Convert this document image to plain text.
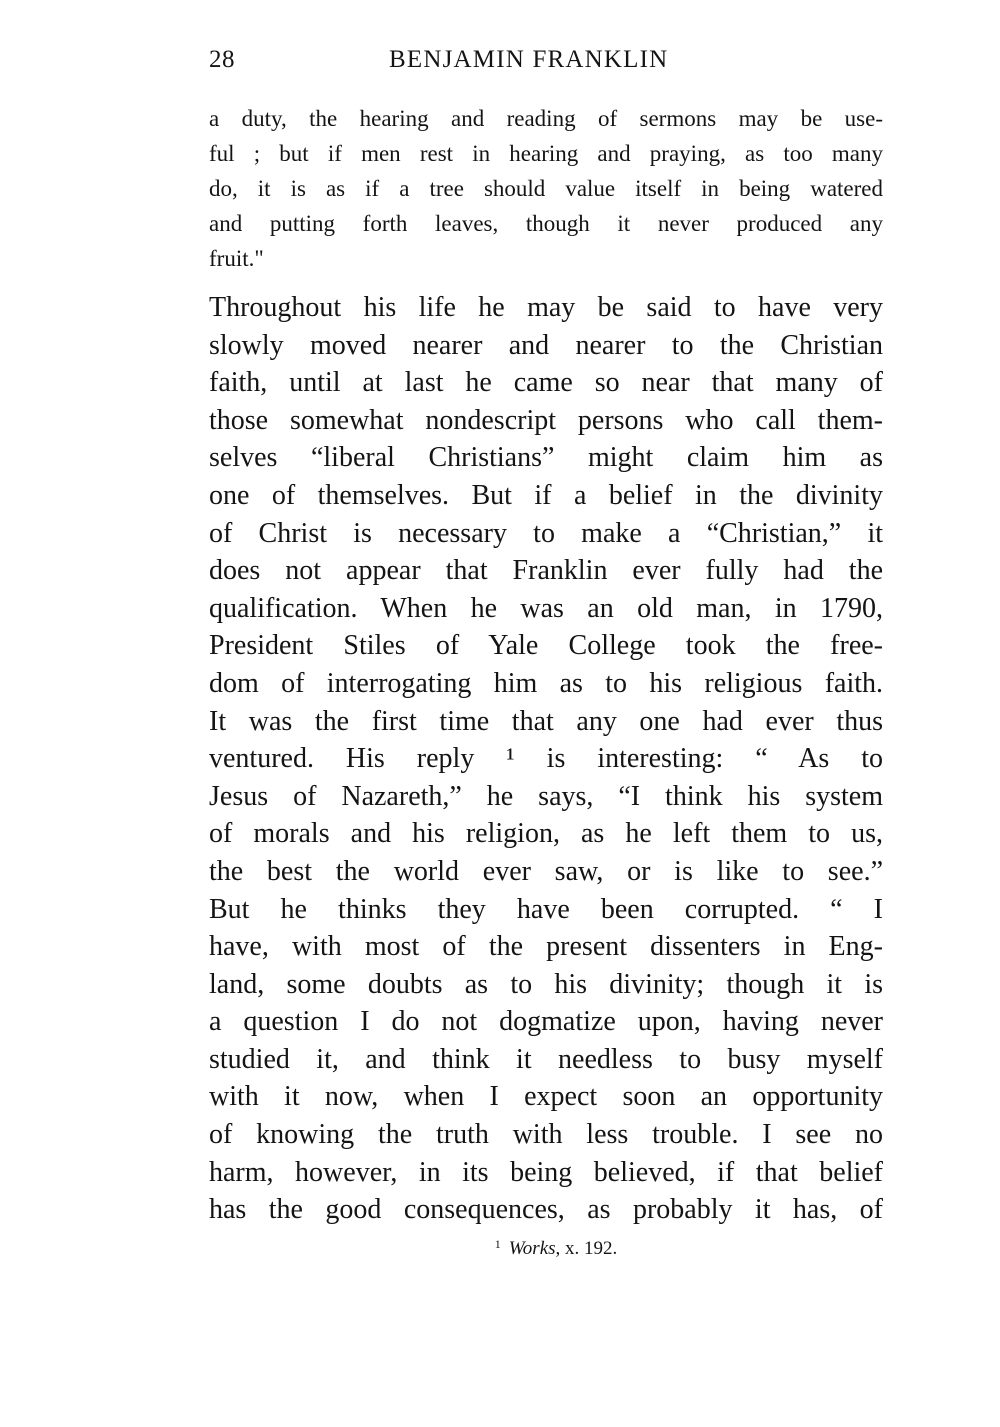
28	BENJAMIN FRANKLIN
a duty, the hearing and reading of sermons may be use-
ful ; but if men rest in hearing and praying, as too many
do, it is as if a tree should value itself in being watered
and putting forth leaves, though it never produced any
fruit."
Throughout his life he may be said to have very
slowly moved nearer and nearer to the Christian
faith, until at last he came so near that many of
those somewhat nondescript persons who call them-
selves “liberal Christians” might claim him as
one of themselves. But if a belief in the divinity
of Christ is necessary to make a “Christian,” it
does not appear that Franklin ever fully had the
qualification. When he was an old man, in 1790,
President Stiles of Yale College took the free-
dom of interrogating him as to his religious faith.
It was the first time that any one had ever thus
ventured. His reply ¹ is interesting: “ As to
Jesus of Nazareth,” he says, “I think his system
of morals and his religion, as he left them to us,
the best the world ever saw, or is like to see.”
But he thinks they have been corrupted. “ I
have, with most of the present dissenters in Eng-
land, some doubts as to his divinity; though it is
a question I do not dogmatize upon, having never
studied it, and think it needless to busy myself
with it now, when I expect soon an opportunity
of knowing the truth with less trouble. I see no
harm, however, in its being believed, if that belief
has the good consequences, as probably it has, of
$^1$ Works, x. 192.
